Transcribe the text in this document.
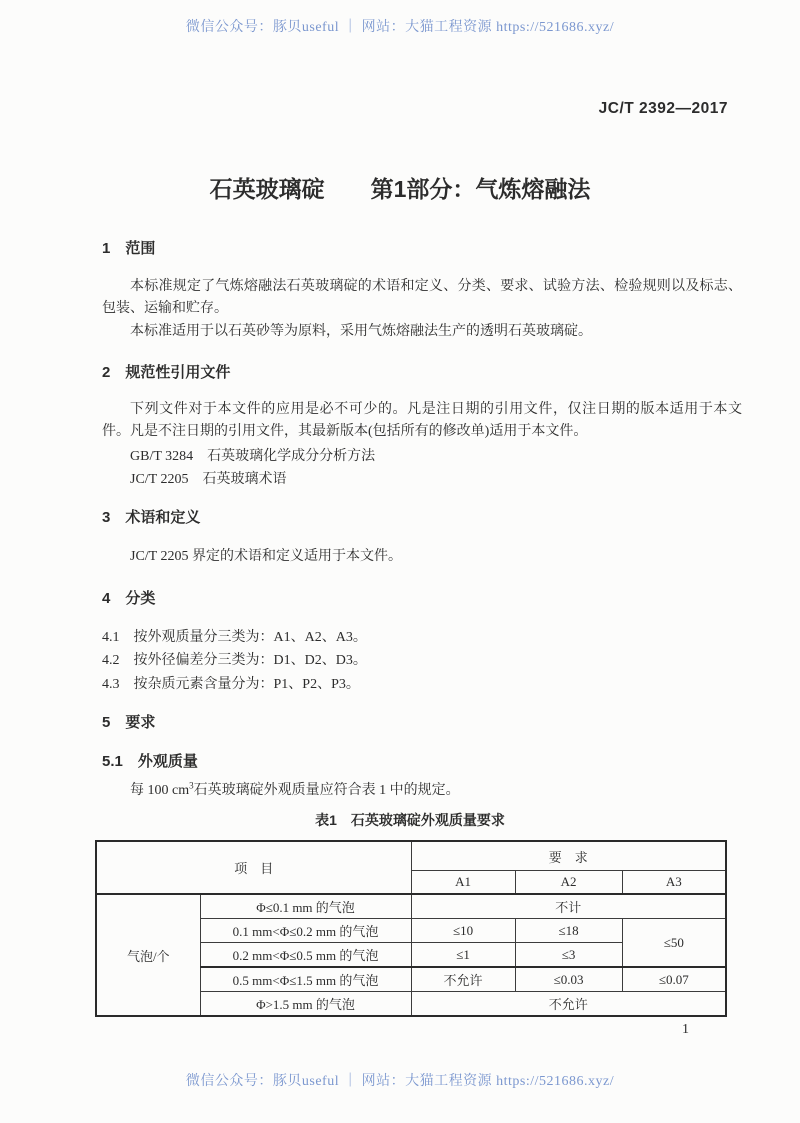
微信公众号：豚贝useful ｜ 网站：大猫工程资源 https://521686.xyz/
JC/T 2392—2017
石英玻璃碇　　第1部分：气炼熔融法
1　范围
本标准规定了气炼熔融法石英玻璃碇的术语和定义、分类、要求、试验方法、检验规则以及标志、包装、运输和贮存。
本标准适用于以石英砂等为原料，采用气炼熔融法生产的透明石英玻璃碇。
2　规范性引用文件
下列文件对于本文件的应用是必不可少的。凡是注日期的引用文件，仅注日期的版本适用于本文件。凡是不注日期的引用文件，其最新版本(包括所有的修改单)适用于本文件。
GB/T 3284　石英玻璃化学成分分析方法
JC/T 2205　石英玻璃术语
3　术语和定义
JC/T 2205 界定的术语和定义适用于本文件。
4　分类
4.1　按外观质量分三类为：A1、A2、A3。
4.2　按外径偏差分三类为：D1、D2、D3。
4.3　按杂质元素含量分为：P1、P2、P3。
5　要求
5.1　外观质量
每 100 $cm^3$石英玻璃碇外观质量应符合表 1 中的规定。
表1　石英玻璃碇外观质量要求
项　目		要　求		
		A1	A2	A3
气泡/个	Φ≤0.1 mm 的气泡	不计		
	0.1 mm<Φ≤0.2 mm 的气泡	≤10	≤18	≤50
	0.2 mm<Φ≤0.5 mm 的气泡	≤1	≤3	
	0.5 mm<Φ≤1.5 mm 的气泡	不允许	≤0.03	≤0.07
	Φ>1.5 mm 的气泡	不允许		
1
微信公众号：豚贝useful ｜ 网站：大猫工程资源 https://521686.xyz/
